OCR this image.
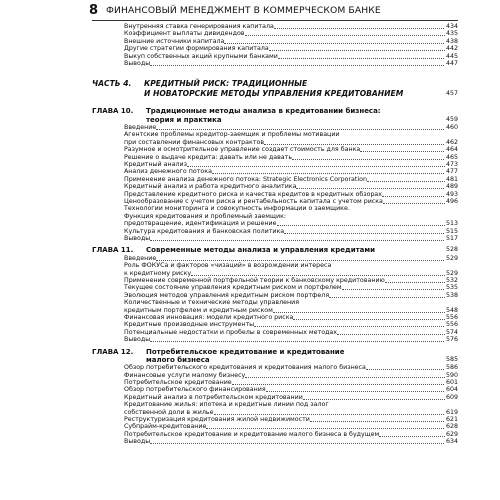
8 ФИНАНСОВЫЙ МЕНЕДЖМЕНТ В КОММЕРЧЕСКОМ БАНКЕ
Внутренняя ставка генерирования капитала	434
Коэффициент выплаты дивидендов	435
Внешние источники капитала	438
Другие стратегии формирования капитала	442
Выкуп собственных акций крупными банками	445
Выводы	447
ЧАСТЬ 4. КРЕДИТНЫЙ РИСК: ТРАДИЦИОННЫЕ
И НОВАТОРСКИЕ МЕТОДЫ УПРАВЛЕНИЯ КРЕДИТОВАНИЕМ	457
ГЛАВА 10. Традиционные методы анализа в кредитовании бизнеса:
теория и практика	459
Введение	460
Агентские проблемы кредитор-заемщик и проблемы мотивации
при составлении финансовых контрактов	462
Разумное и осмотрительное управление создает стоимость для банка	464
Решение о выдаче кредита: давать или не давать	465
Кредитный анализ	473
Анализ денежного потока	477
Применение анализа денежного потока: Strategic Electronics Corporation	481
Кредитный анализ и работа кредитного аналитика	489
Представление кредитного риска и качества кредитов в кредитных обзорах	493
Ценообразование с учетом риска и рентабельность капитала с учетом риска	496
Технологии мониторинга и совокупность информации о заемщике.
Функция кредитования и проблемный заемщик:
предотвращение, идентификация и решение	513
Культура кредитования и банковская политика	515
Выводы	517
ГЛАВА 11. Современные методы анализа и управления кредитами	528
Введение	529
Роль ФОКУСа и факторов «чизаций» в возрождении интереса
к кредитному риску	529
Применение современной портфельной теории к банковскому кредитованию	532
Текущее состояние управления кредитным риском и портфелем	535
Эволюция методов управления кредитным риском портфеля	538
Количественные и технические методы управления
кредитным портфелем и кредитным риском	548
Финансовая инновация: модели кредитного риска	556
Кредитные производные инструменты	556
Потенциальные недостатки и пробелы в современных методах	574
Выводы	576
ГЛАВА 12. Потребительское кредитование и кредитование
малого бизнеса	585
Обзор потребительского кредитования и кредитования малого бизнеса	586
Финансовые услуги малому бизнесу	590
Потребительское кредитование	601
Обзор потребительского финансирования	604
Кредитный анализ в потребительском кредитовании	609
Кредитование жилья: ипотека и кредитные линии под залог
собственной доли в жилье	619
Реструктуризация кредитования жилой недвижимости	621
Субпрайм-кредитование	628
Потребительское кредитование и кредитование малого бизнеса в будущем	629
Выводы	634
